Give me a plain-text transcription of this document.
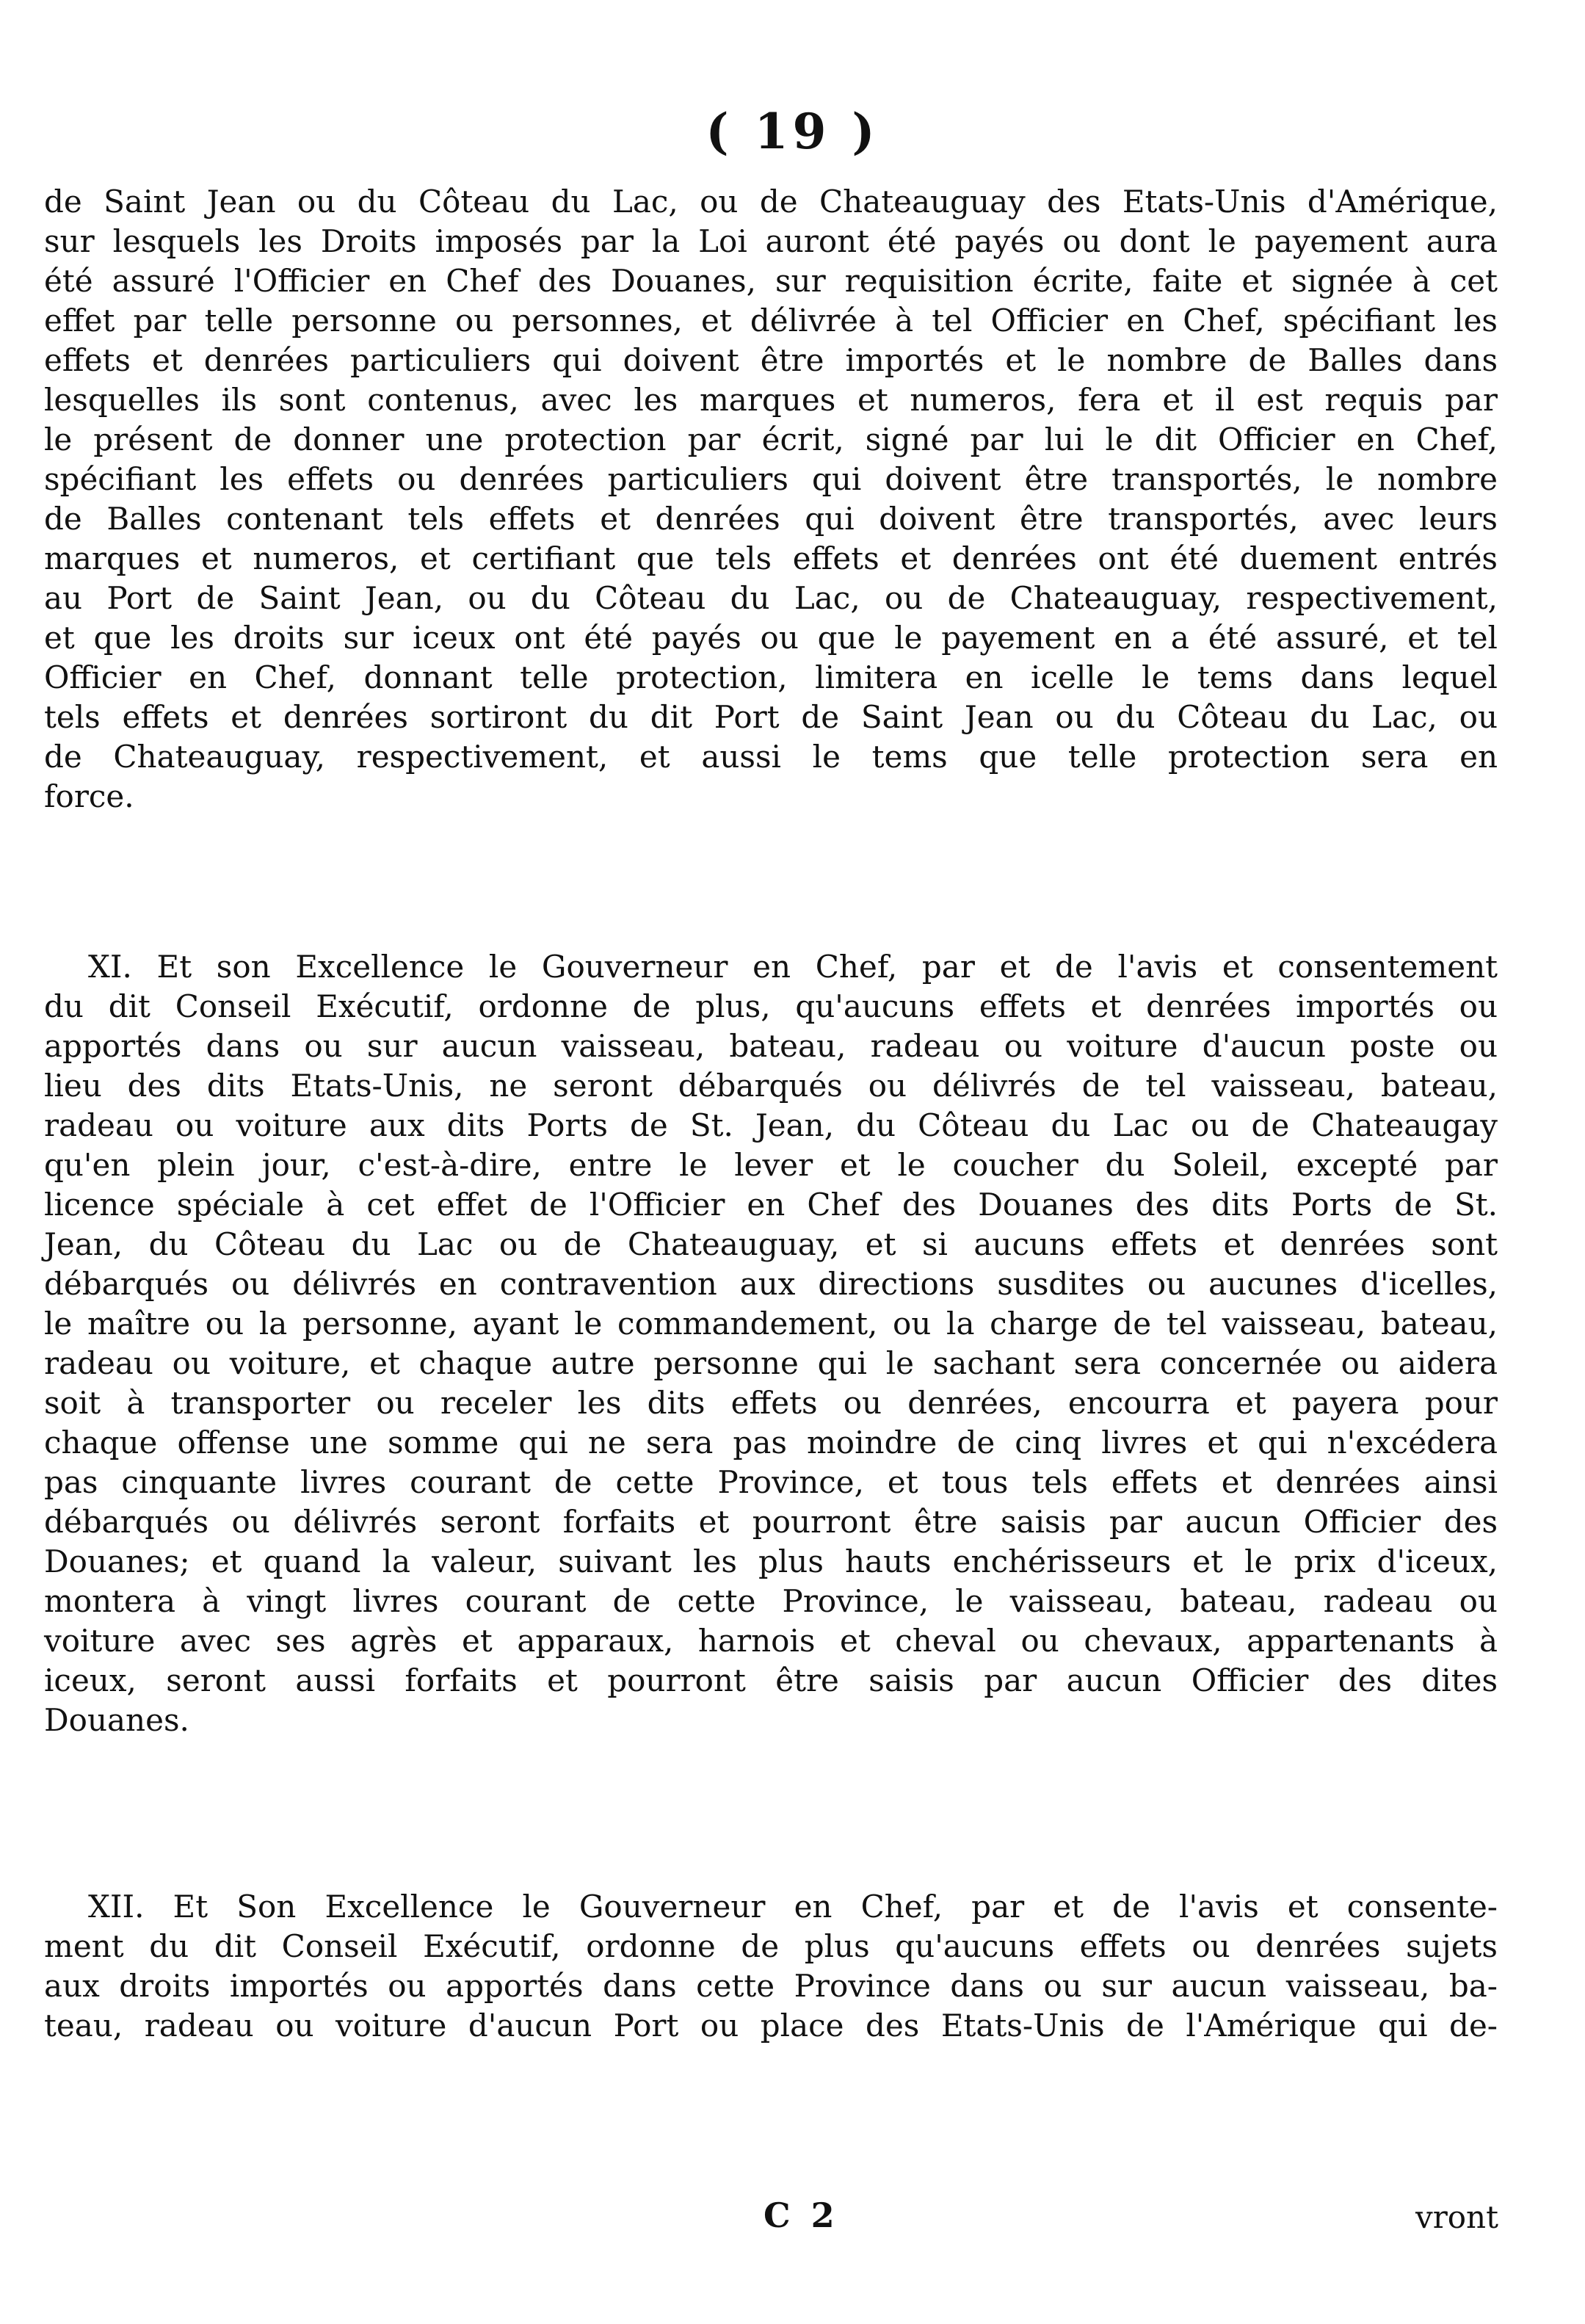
( 19 )
de Saint Jean ou du Côteau du Lac, ou de Chateauguay des Etats-Unis d'Amérique,
sur lesquels les Droits imposés par la Loi auront été payés ou dont le payement aura
été assuré l'Officier en Chef des Douanes, sur requisition écrite, faite et signée à cet
effet par telle personne ou personnes, et délivrée à tel Officier en Chef, spécifiant les
effets et denrées particuliers qui doivent être importés et le nombre de Balles dans
lesquelles ils sont contenus, avec les marques et numeros, fera et il est requis par
le présent de donner une protection par écrit, signé par lui le dit Officier en Chef,
spécifiant les effets ou denrées particuliers qui doivent être transportés, le nombre
de Balles contenant tels effets et denrées qui doivent être transportés, avec leurs
marques et numeros, et certifiant que tels effets et denrées ont été duement entrés
au Port de Saint Jean, ou du Côteau du Lac, ou de Chateauguay, respectivement,
et que les droits sur iceux ont été payés ou que le payement en a été assuré, et tel
Officier en Chef, donnant telle protection, limitera en icelle le tems dans lequel
tels effets et denrées sortiront du dit Port de Saint Jean ou du Côteau du Lac, ou
de Chateauguay, respectivement, et aussi le tems que telle protection sera en
force.
XI. Et son Excellence le Gouverneur en Chef, par et de l'avis et consentement
du dit Conseil Exécutif, ordonne de plus, qu'aucuns effets et denrées importés ou
apportés dans ou sur aucun vaisseau, bateau, radeau ou voiture d'aucun poste ou
lieu des dits Etats-Unis, ne seront débarqués ou délivrés de tel vaisseau, bateau,
radeau ou voiture aux dits Ports de St. Jean, du Côteau du Lac ou de Chateaugay
qu'en plein jour, c'est-à-dire, entre le lever et le coucher du Soleil, excepté par
licence spéciale à cet effet de l'Officier en Chef des Douanes des dits Ports de St.
Jean, du Côteau du Lac ou de Chateauguay, et si aucuns effets et denrées sont
débarqués ou délivrés en contravention aux directions susdites ou aucunes d'icelles,
le maître ou la personne, ayant le commandement, ou la charge de tel vaisseau, bateau,
radeau ou voiture, et chaque autre personne qui le sachant sera concernée ou aidera
soit à transporter ou receler les dits effets ou denrées, encourra et payera pour
chaque offense une somme qui ne sera pas moindre de cinq livres et qui n'excédera
pas cinquante livres courant de cette Province, et tous tels effets et denrées ainsi
débarqués ou délivrés seront forfaits et pourront être saisis par aucun Officier des
Douanes; et quand la valeur, suivant les plus hauts enchérisseurs et le prix d'iceux,
montera à vingt livres courant de cette Province, le vaisseau, bateau, radeau ou
voiture avec ses agrès et apparaux, harnois et cheval ou chevaux, appartenants à
iceux, seront aussi forfaits et pourront être saisis par aucun Officier des dites
Douanes.
XII. Et Son Excellence le Gouverneur en Chef, par et de l'avis et consente-
ment du dit Conseil Exécutif, ordonne de plus qu'aucuns effets ou denrées sujets
aux droits importés ou apportés dans cette Province dans ou sur aucun vaisseau, ba-
teau, radeau ou voiture d'aucun Port ou place des Etats-Unis de l'Amérique qui de-
C 2	vront
